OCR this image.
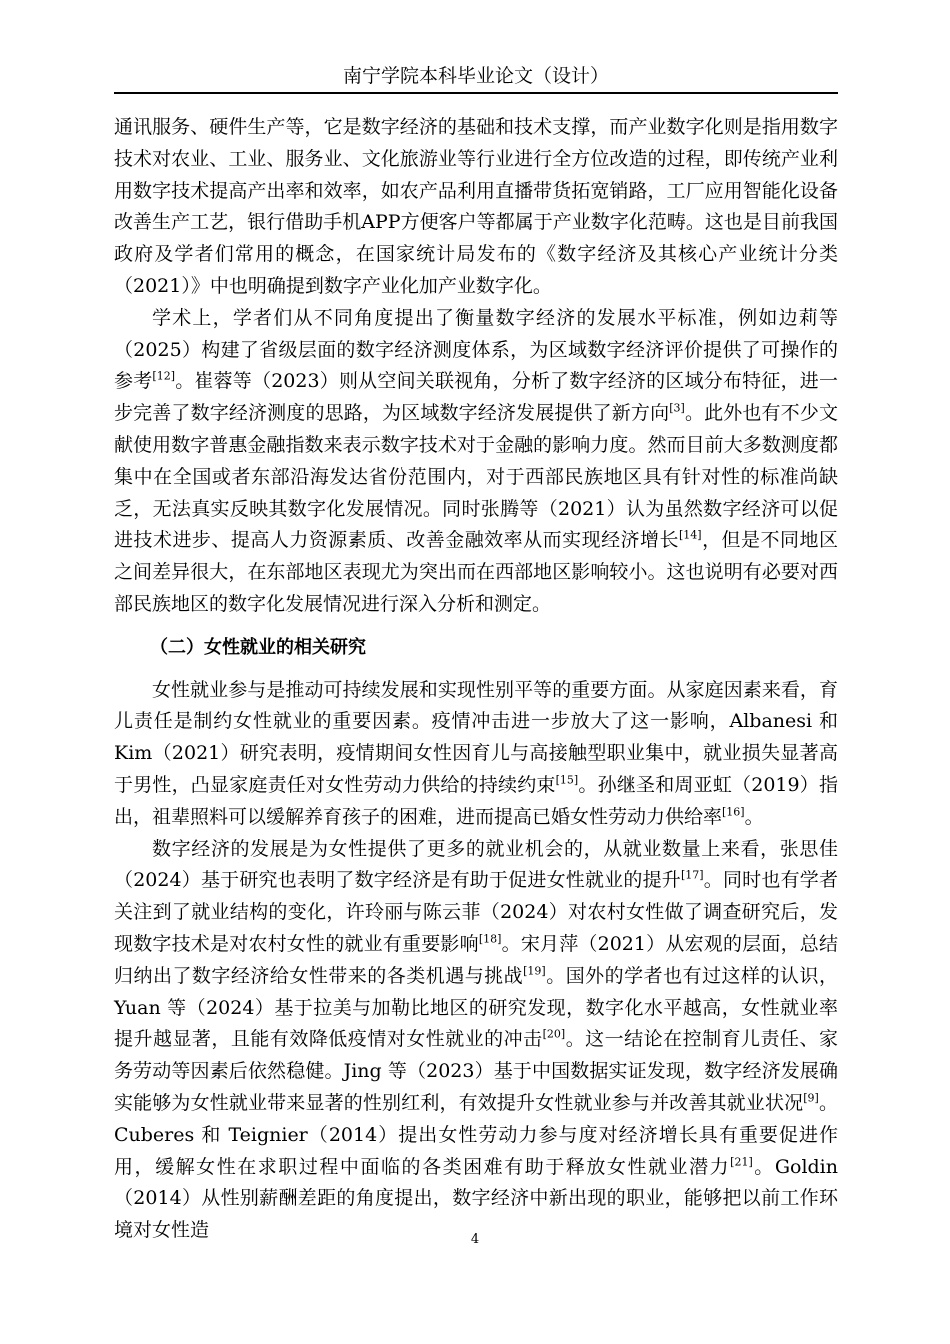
南宁学院本科毕业论文（设计）

通讯服务、硬件生产等，它是数字经济的基础和技术支撑，而产业数字化则是指用数字技术对农业、工业、服务业、文化旅游业等行业进行全方位改造的过程，即传统产业利用数字技术提高产出率和效率，如农产品利用直播带货拓宽销路，工厂应用智能化设备改善生产工艺，银行借助手机APP方便客户等都属于产业数字化范畴。这也是目前我国政府及学者们常用的概念，在国家统计局发布的《数字经济及其核心产业统计分类（2021）》中也明确提到数字产业化加产业数字化。

学术上，学者们从不同角度提出了衡量数字经济的发展水平标准，例如边莉等（2025）构建了省级层面的数字经济测度体系，为区域数字经济评价提供了可操作的参考[12]。崔蓉等（2023）则从空间关联视角，分析了数字经济的区域分布特征，进一步完善了数字经济测度的思路，为区域数字经济发展提供了新方向[3]。此外也有不少文献使用数字普惠金融指数来表示数字技术对于金融的影响力度。然而目前大多数测度都集中在全国或者东部沿海发达省份范围内，对于西部民族地区具有针对性的标准尚缺乏，无法真实反映其数字化发展情况。同时张腾等（2021）认为虽然数字经济可以促进技术进步、提高人力资源素质、改善金融效率从而实现经济增长[14]，但是不同地区之间差异很大，在东部地区表现尤为突出而在西部地区影响较小。这也说明有必要对西部民族地区的数字化发展情况进行深入分析和测定。

（二）女性就业的相关研究

女性就业参与是推动可持续发展和实现性别平等的重要方面。从家庭因素来看，育儿责任是制约女性就业的重要因素。疫情冲击进一步放大了这一影响，Albanesi 和 Kim（2021）研究表明，疫情期间女性因育儿与高接触型职业集中，就业损失显著高于男性，凸显家庭责任对女性劳动力供给的持续约束[15]。孙继圣和周亚虹（2019）指出，祖辈照料可以缓解养育孩子的困难，进而提高已婚女性劳动力供给率[16]。

数字经济的发展是为女性提供了更多的就业机会的，从就业数量上来看，张思佳（2024）基于研究也表明了数字经济是有助于促进女性就业的提升[17]。同时也有学者关注到了就业结构的变化，许玲丽与陈云菲（2024）对农村女性做了调查研究后，发现数字技术是对农村女性的就业有重要影响[18]。宋月萍（2021）从宏观的层面，总结归纳出了数字经济给女性带来的各类机遇与挑战[19]。国外的学者也有过这样的认识，Yuan 等（2024）基于拉美与加勒比地区的研究发现，数字化水平越高，女性就业率提升越显著，且能有效降低疫情对女性就业的冲击[20]。这一结论在控制育儿责任、家务劳动等因素后依然稳健。Jing 等（2023）基于中国数据实证发现，数字经济发展确实能够为女性就业带来显著的性别红利，有效提升女性就业参与并改善其就业状况[9]。Cuberes 和 Teignier（2014）提出女性劳动力参与度对经济增长具有重要促进作用，缓解女性在求职过程中面临的各类困难有助于释放女性就业潜力[21]。Goldin（2014）从性别薪酬差距的角度提出，数字经济中新出现的职业，能够把以前工作环境对女性造	4
